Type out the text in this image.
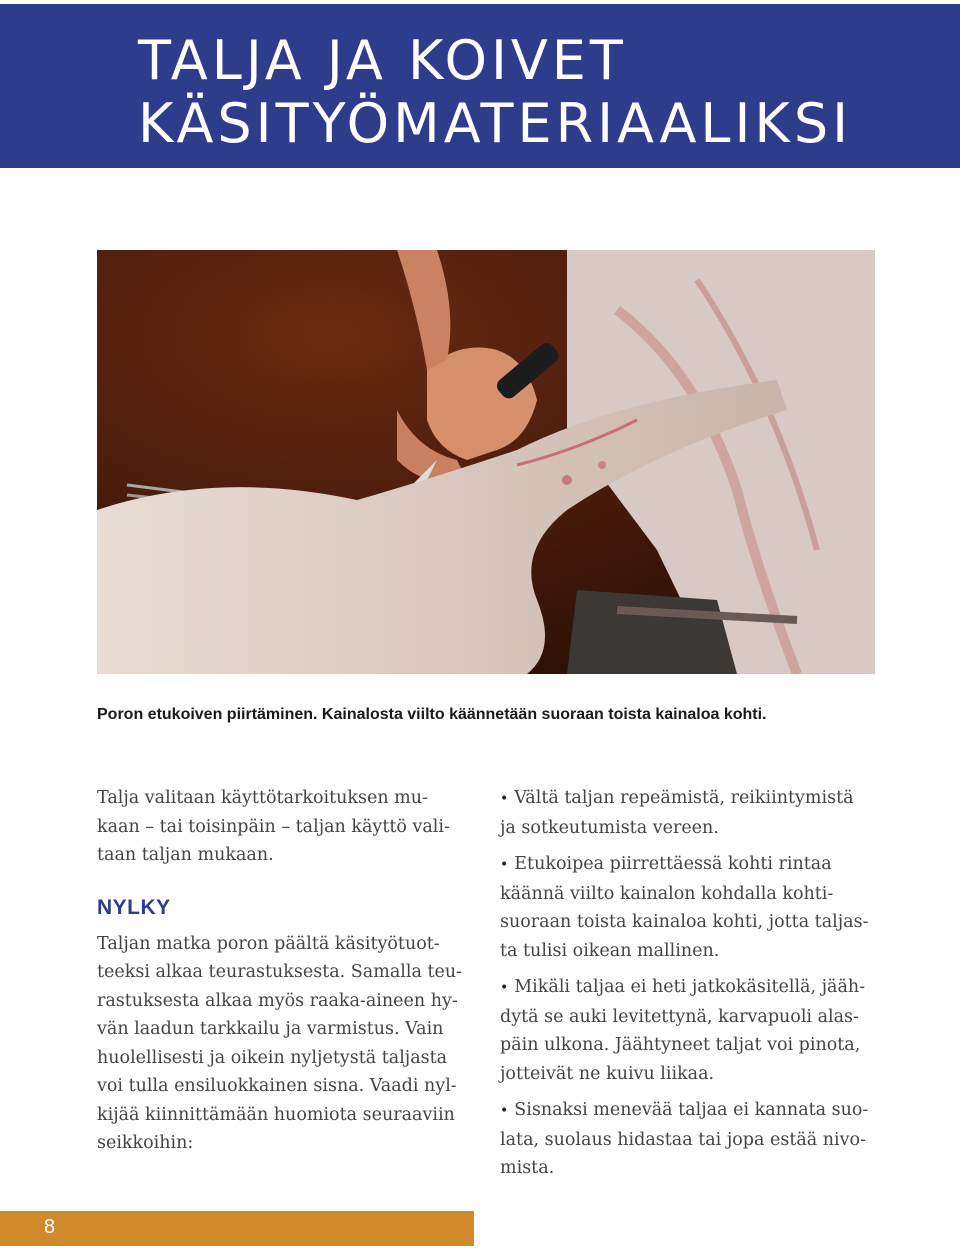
TALJA JA KOIVET
KÄSITYÖMATERIAALIKSI
Poron etukoiven piirtäminen. Kainalosta viilto käännetään suoraan toista kainaloa kohti.
Talja valitaan käyttötarkoituksen mu-
kaan – tai toisinpäin – taljan käyttö vali-
taan taljan mukaan.
NYLKY
Taljan matka poron päältä käsityötuot-
teeksi alkaa teurastuksesta. Samalla teu-
rastuksesta alkaa myös raaka-aineen hy-
vän laadun tarkkailu ja varmistus. Vain
huolellisesti ja oikein nyljetystä taljasta
voi tulla ensiluokkainen sisna. Vaadi nyl-
kijää kiinnittämään huomiota seuraaviin
seikkoihin:
• Vältä taljan repeämistä, reikiintymistä
ja sotkeutumista vereen.
• Etukoipea piirrettäessä kohti rintaa
käännä viilto kainalon kohdalla kohti-
suoraan toista kainaloa kohti, jotta taljas-
ta tulisi oikean mallinen.
• Mikäli taljaa ei heti jatkokäsitellä, jääh-
dytä se auki levitettynä, karvapuoli alas-
päin ulkona. Jäähtyneet taljat voi pinota,
jotteivät ne kuivu liikaa.
• Sisnaksi menevää taljaa ei kannata suo-
lata, suolaus hidastaa tai jopa estää nivo-
mista.
8
